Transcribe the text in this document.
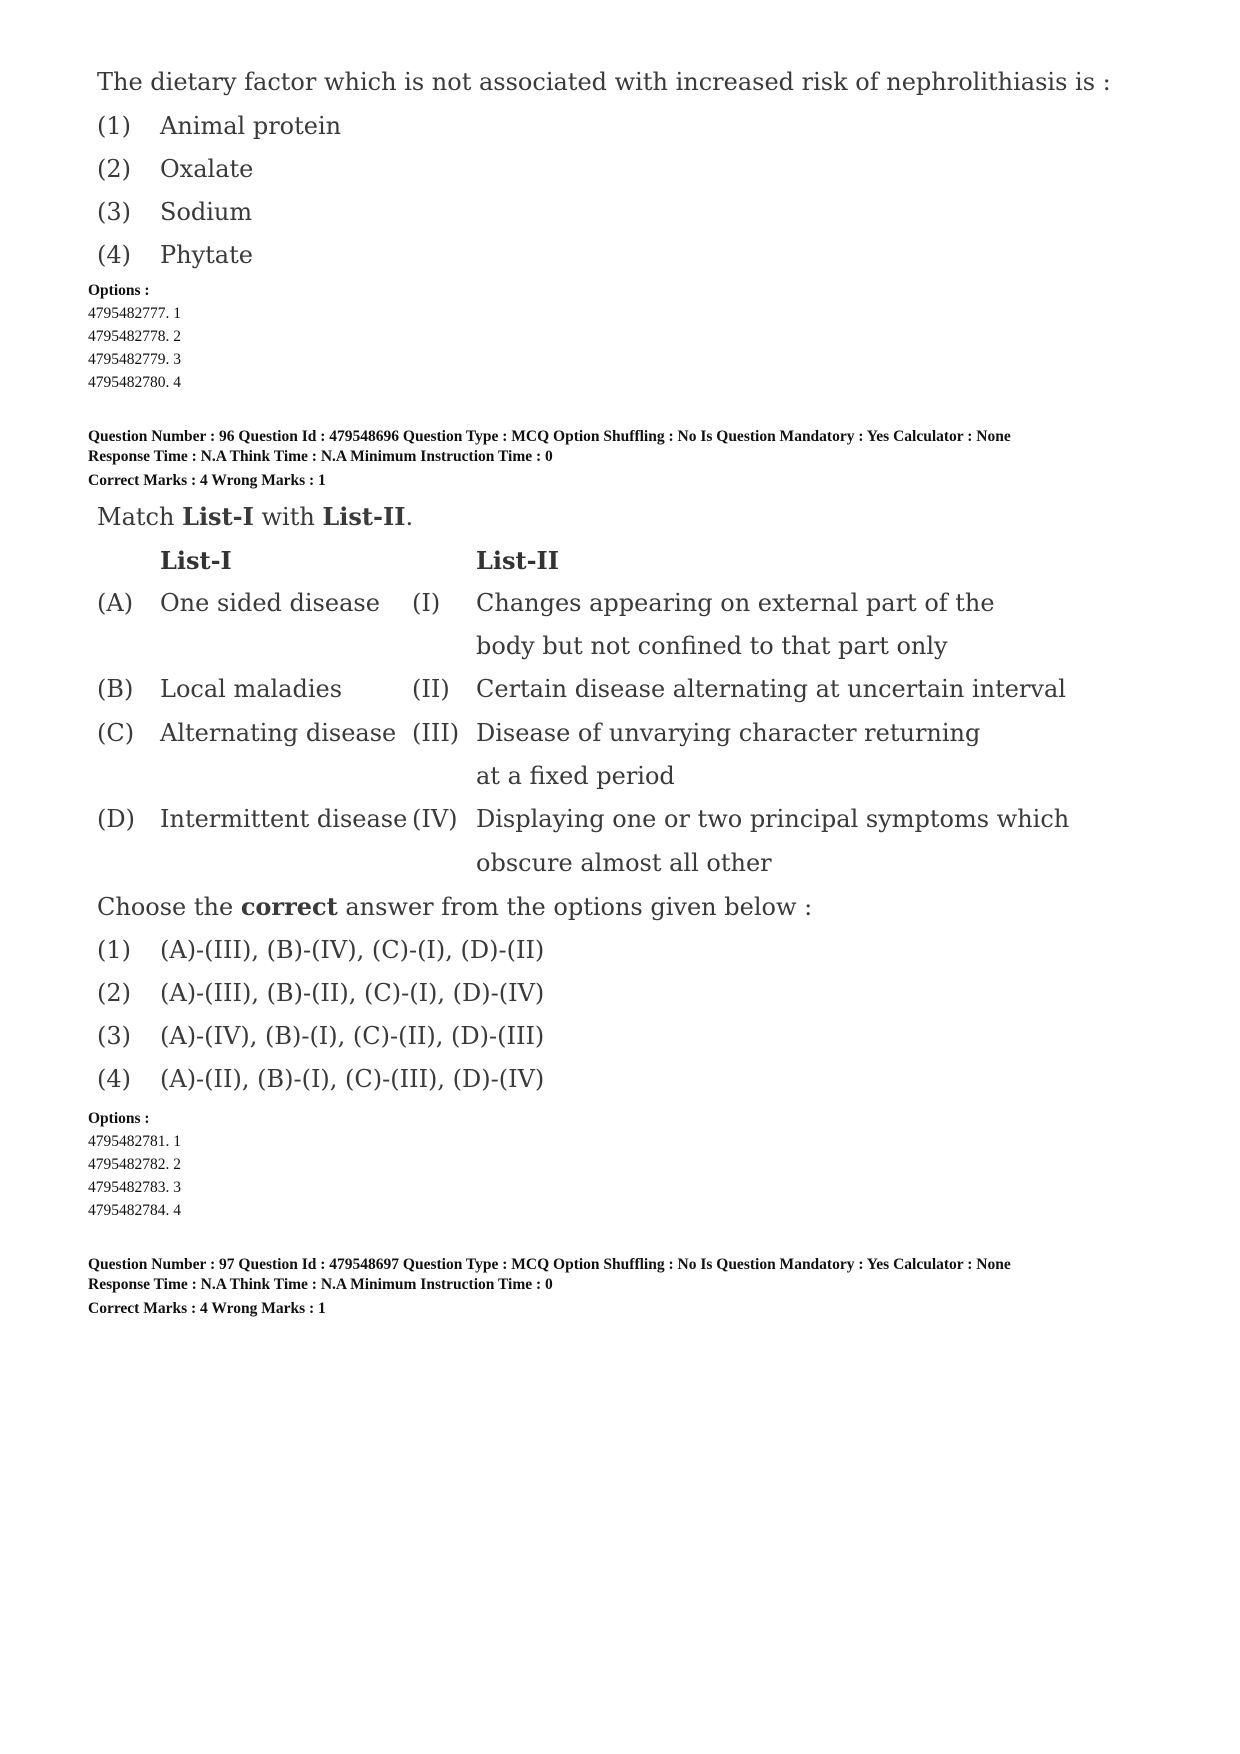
The dietary factor which is not associated with increased risk of nephrolithiasis is :
(1) Animal protein
(2) Oxalate
(3) Sodium
(4) Phytate
Options :
4795482777. 1
4795482778. 2
4795482779. 3
4795482780. 4
Question Number : 96 Question Id : 479548696 Question Type : MCQ Option Shuffling : No Is Question Mandatory : Yes Calculator : None
Response Time : N.A Think Time : N.A Minimum Instruction Time : 0
Correct Marks : 4 Wrong Marks : 1
Match List-I with List-II.
List-I	List-II
(A) One sided disease (I) Changes appearing on external part of the
body but not confined to that part only
(B) Local maladies	(II) Certain disease alternating at uncertain interval
(C) Alternating disease (III) Disease of unvarying character returning
at a fixed period
(D) Intermittent disease (IV) Displaying one or two principal symptoms which
obscure almost all other
Choose the correct answer from the options given below :
(1) (A)-(III), (B)-(IV), (C)-(I), (D)-(II)
(2) (A)-(III), (B)-(II), (C)-(I), (D)-(IV)
(3) (A)-(IV), (B)-(I), (C)-(II), (D)-(III)
(4) (A)-(II), (B)-(I), (C)-(III), (D)-(IV)
Options :
4795482781. 1
4795482782. 2
4795482783. 3
4795482784. 4
Question Number : 97 Question Id : 479548697 Question Type : MCQ Option Shuffling : No Is Question Mandatory : Yes Calculator : None
Response Time : N.A Think Time : N.A Minimum Instruction Time : 0
Correct Marks : 4 Wrong Marks : 1
